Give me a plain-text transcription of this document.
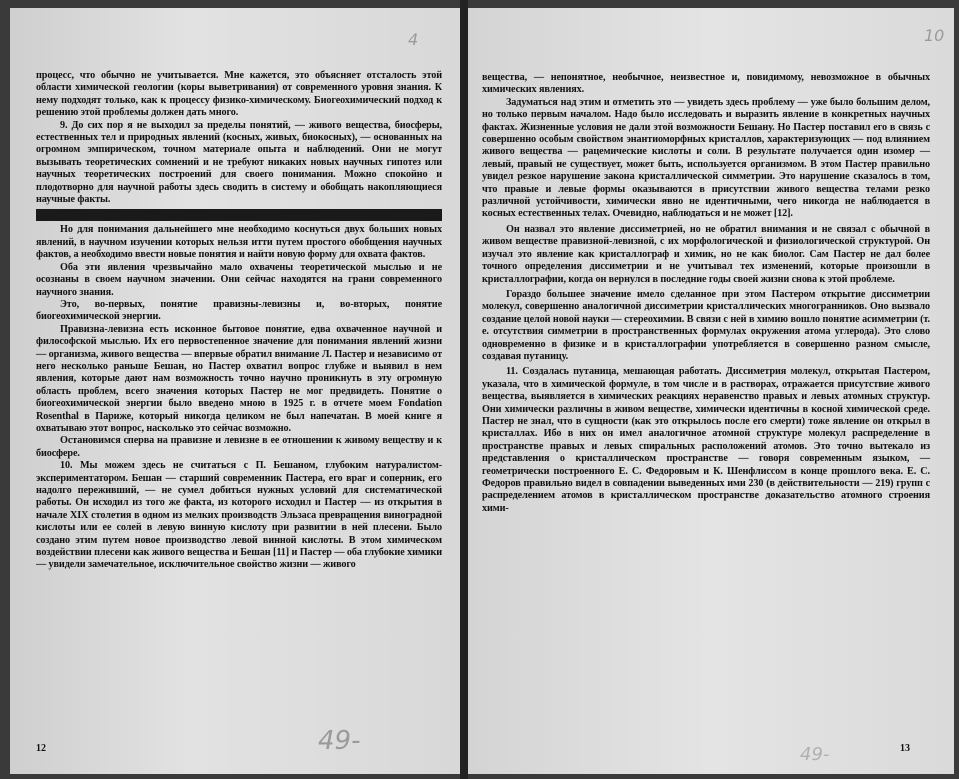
процесс, что обычно не учитывается. Мне кажется, это объясняет отсталость этой области химической геологии (коры выветривания) от современного уровня знания. К нему подходят только, как к процессу физико-химическому. Биогеохимический подход к решению этой проблемы должен дать много.

9. До сих пор я не выходил за пределы понятий, — живого вещества, биосферы, естественных тел и природных явлений (косных, живых, биокосных), — основанных на огромном эмпирическом, точном материале опыта и наблюдений. Они не могут вызывать теоретических сомнений и не требуют никаких новых научных гипотез или научных теоретических построений для своего понимания. Можно спокойно и плодотворно для научной работы здесь сводить в систему и обобщать накопляющиеся научные факты.

Но для понимания дальнейшего мне необходимо коснуться двух больших новых явлений, в научном изучении которых нельзя итти путем простого обобщения научных фактов, а необходимо ввести новые понятия и найти новую форму для охвата фактов.

Оба эти явления чрезвычайно мало охвачены теоретической мыслью и не осознаны в своем научном значении. Они сейчас находятся на грани современного научного знания.

Это, во-первых, понятие правизны-левизны и, во-вторых, понятие биогеохимической энергии.

Правизна-левизна есть исконное бытовое понятие, едва охваченное научной и философской мыслью. Их его первостепенное значение для понимания явлений жизни — организма, живого вещества — впервые обратил внимание Л. Пастер и независимо от него несколько раньше Бешан, но Пастер охватил вопрос глубже и выявил в нем явления, которые дают нам возможность точно научно проникнуть в эту огромную область проблем, всего значения которых Пастер не мог предвидеть. Понятие о биогеохимической энергии было введено мною в 1925 г. в отчете моем Fondation Rosenthal в Париже, который никогда целиком не был напечатан. В моей книге я охватываю этот вопрос, насколько это сейчас возможно.

Остановимся сперва на правизне и левизне в ее отношении к живому веществу и к биосфере.

10. Мы можем здесь не считаться с П. Бешаном, глубоким натуралистом-экспериментатором. Бешан — старший современник Пастера, его враг и соперник, его надолго переживший, — не сумел добиться нужных условий для систематической работы. Он исходил из того же факта, из которого исходил и Пастер — из открытия в начале XIX столетия в одном из мелких производств Эльзаса превращения виноградной кислоты или ее солей в левую винную кислоту при развитии в ней плесени. Было создано этим путем новое производство левой винной кислоты. В этом химическом воздействии плесени как живого вещества и Бешан [11] и Пастер — оба глубокие химики — увидели замечательное, исключительное свойство жизни — живого

12

вещества, — непонятное, необычное, неизвестное и, повидимому, невозможное в обычных химических явлениях.

Задуматься над этим и отметить это — увидеть здесь проблему — уже было большим делом, но только первым началом. Надо было исследовать и выразить явление в конкретных научных фактах. Жизненные условия не дали этой возможности Бешану. Но Пастер поставил его в связь с совершенно особым свойством энантиоморфных кристаллов, характеризующих — под влиянием живого вещества — рацемические кислоты и соли. В результате получается один изомер — левый, правый не существует, может быть, используется организмом. В этом Пастер правильно увидел резкое нарушение закона кристаллической симметрии. Это нарушение сказалось в том, что правые и левые формы оказываются в присутствии живого вещества телами резко различной устойчивости, химически явно не идентичными, чего никогда не наблюдается в косных естественных телах. Очевидно, наблюдаться и не может [12].

Он назвал это явление диссиметрией, но не обратил внимания и не связал с обычной в живом веществе правизной-левизной, с их морфологической и физиологической структурой. Он изучал это явление как кристаллограф и химик, но не как биолог. Сам Пастер не дал более точного определения диссиметрии и не учитывал тех изменений, которые произошли в кристаллографии, когда он вернулся в последние годы своей жизни снова к этой проблеме.

Гораздо большее значение имело сделанное при этом Пастером открытие диссиметрии молекул, совершенно аналогичной диссиметрии кристаллических многогранников. Оно вызвало создание целой новой науки — стереохимии. В связи с ней в химию вошло понятие асимметрии (т. е. отсутствия симметрии в пространственных формулах окружения атома углерода). Это слово одновременно в физике и в кристаллографии употребляется в совершенно разном смысле, создавая путаницу.

11. Создалась путаница, мешающая работать. Диссиметрия молекул, открытая Пастером, указала, что в химической формуле, в том числе и в растворах, отражается присутствие живого вещества, выявляется в химических реакциях неравенство правых и левых атомных структур. Они химически различны в живом веществе, химически идентичны в косной химической среде. Пастер не знал, что в сущности (как это открылось после его смерти) тоже явление он открыл в кристаллах. Ибо в них он имел аналогичное атомной структуре молекул распределение в пространстве правых и левых спиральных расположений атомов. Это точно вытекало из представления о кристаллическом пространстве — говоря современным языком, — геометрически построенного Е. С. Федоровым и К. Шенфлиссом в конце прошлого века. Е. С. Федоров правильно видел в совпадении выведенных ими 230 (в действительности — 219) групп с распределением атомов в кристаллическом пространстве доказательство атомного строения хими-

13
4	10
49-	49-
